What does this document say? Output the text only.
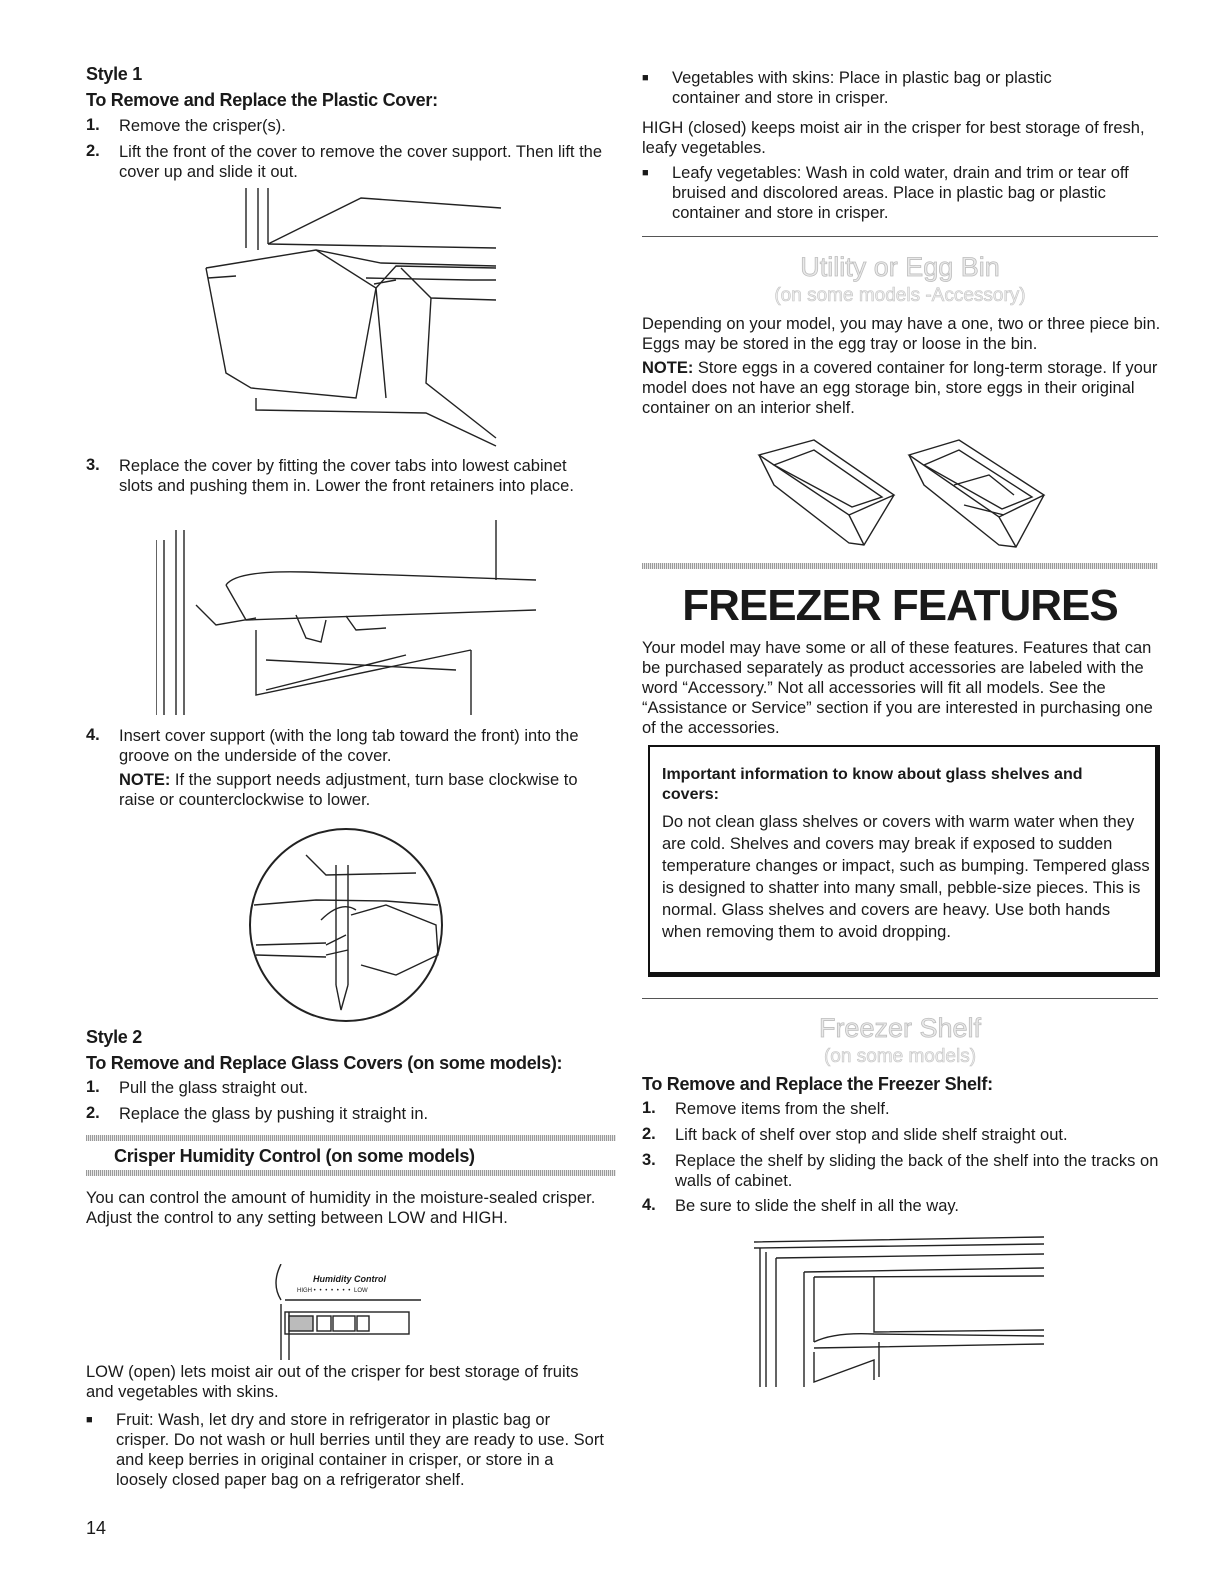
Style 1
To Remove and Replace the Plastic Cover:
1. Remove the crisper(s).
2. Lift the front of the cover to remove the cover support. Then lift the cover up and slide it out.
3. Replace the cover by fitting the cover tabs into lowest cabinet slots and pushing them in. Lower the front retainers into place.
4. Insert cover support (with the long tab toward the front) into the groove on the underside of the cover.

NOTE: If the support needs adjustment, turn base clockwise to raise or counterclockwise to lower.

Style 2
To Remove and Replace Glass Covers (on some models):
1. Pull the glass straight out.
2. Replace the glass by pushing it straight in.
Crisper Humidity Control (on some models)

You can control the amount of humidity in the moisture-sealed crisper. Adjust the control to any setting between LOW and HIGH.

Humidity Control
HIGH • • • • • • • LOW

LOW (open) lets moist air out of the crisper for best storage of fruits and vegetables with skins.

■ Fruit: Wash, let dry and store in refrigerator in plastic bag or crisper. Do not wash or hull berries until they are ready to use. Sort and keep berries in original container in crisper, or store in a loosely closed paper bag on a refrigerator shelf.
14
■ Vegetables with skins: Place in plastic bag or plastic container and store in crisper.

HIGH (closed) keeps moist air in the crisper for best storage of fresh, leafy vegetables.

■ Leafy vegetables: Wash in cold water, drain and trim or tear off bruised and discolored areas. Place in plastic bag or plastic container and store in crisper.
Utility or Egg Bin
(on some models -Accessory)

Depending on your model, you may have a one, two or three piece bin. Eggs may be stored in the egg tray or loose in the bin.

NOTE: Store eggs in a covered container for long-term storage. If your model does not have an egg storage bin, store eggs in their original container on an interior shelf.

FREEZER FEATURES

Your model may have some or all of these features. Features that can be purchased separately as product accessories are labeled with the word “Accessory.” Not all accessories will fit all models. See the “Assistance or Service” section if you are interested in purchasing one of the accessories.

Important information to know about glass shelves and covers:

Do not clean glass shelves or covers with warm water when they are cold. Shelves and covers may break if exposed to sudden temperature changes or impact, such as bumping. Tempered glass is designed to shatter into many small, pebble-size pieces. This is normal. Glass shelves and covers are heavy. Use both hands when removing them to avoid dropping.

Freezer Shelf
(on some models)
To Remove and Replace the Freezer Shelf:
1. Remove items from the shelf.
2. Lift back of shelf over stop and slide shelf straight out.
3. Replace the shelf by sliding the back of the shelf into the tracks on walls of cabinet.
4. Be sure to slide the shelf in all the way.
